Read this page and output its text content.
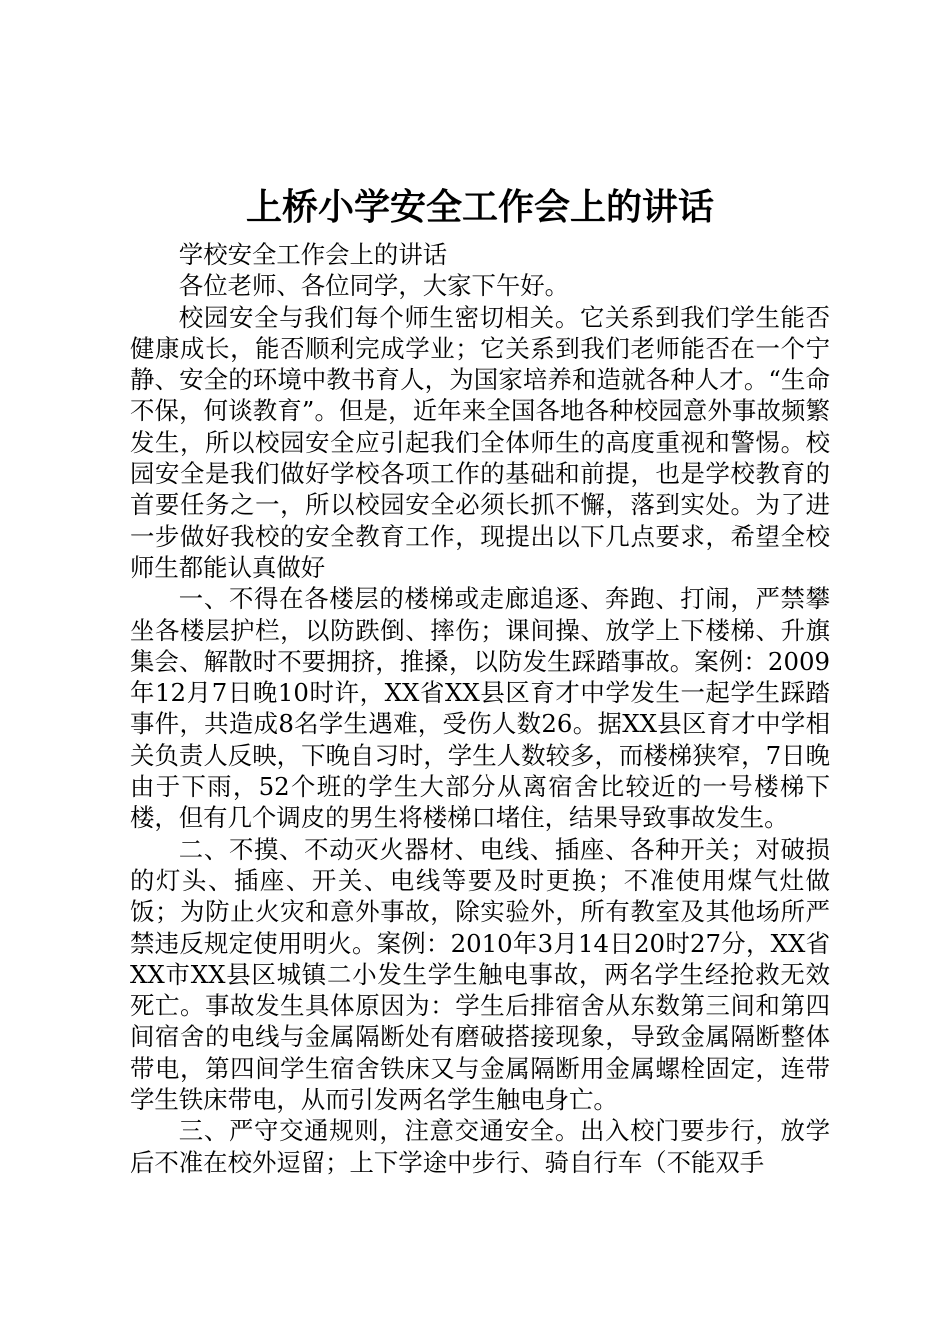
上桥小学安全工作会上的讲话

学校安全工作会上的讲话

各位老师、各位同学，大家下午好。

校园安全与我们每个师生密切相关。它关系到我们学生能否健康成长，能否顺利完成学业；它关系到我们老师能否在一个宁静、安全的环境中教书育人，为国家培养和造就各种人才。“生命不保，何谈教育”。但是，近年来全国各地各种校园意外事故频繁发生，所以校园安全应引起我们全体师生的高度重视和警惕。校园安全是我们做好学校各项工作的基础和前提，也是学校教育的首要任务之一，所以校园安全必须长抓不懈，落到实处。为了进一步做好我校的安全教育工作，现提出以下几点要求，希望全校师生都能认真做好

一、不得在各楼层的楼梯或走廊追逐、奔跑、打闹，严禁攀坐各楼层护栏，以防跌倒、摔伤；课间操、放学上下楼梯、升旗集会、解散时不要拥挤，推搡，以防发生踩踏事故。案例：2009年12月7日晚10时许，XX省XX县区育才中学发生一起学生踩踏事件，共造成8名学生遇难，受伤人数26。据XX县区育才中学相关负责人反映，下晚自习时，学生人数较多，而楼梯狭窄，7日晚由于下雨，52个班的学生大部分从离宿舍比较近的一号楼梯下楼，但有几个调皮的男生将楼梯口堵住，结果导致事故发生。

二、不摸、不动灭火器材、电线、插座、各种开关；对破损的灯头、插座、开关、电线等要及时更换；不准使用煤气灶做饭；为防止火灾和意外事故，除实验外，所有教室及其他场所严禁违反规定使用明火。案例：2010年3月14日20时27分，XX省XX市XX县区城镇二小发生学生触电事故，两名学生经抢救无效死亡。事故发生具体原因为：学生后排宿舍从东数第三间和第四间宿舍的电线与金属隔断处有磨破搭接现象，导致金属隔断整体带电，第四间学生宿舍铁床又与金属隔断用金属螺栓固定，连带学生铁床带电，从而引发两名学生触电身亡。

三、严守交通规则，注意交通安全。出入校门要步行，放学后不准在校外逗留；上下学途中步行、骑自行车（不能双手
